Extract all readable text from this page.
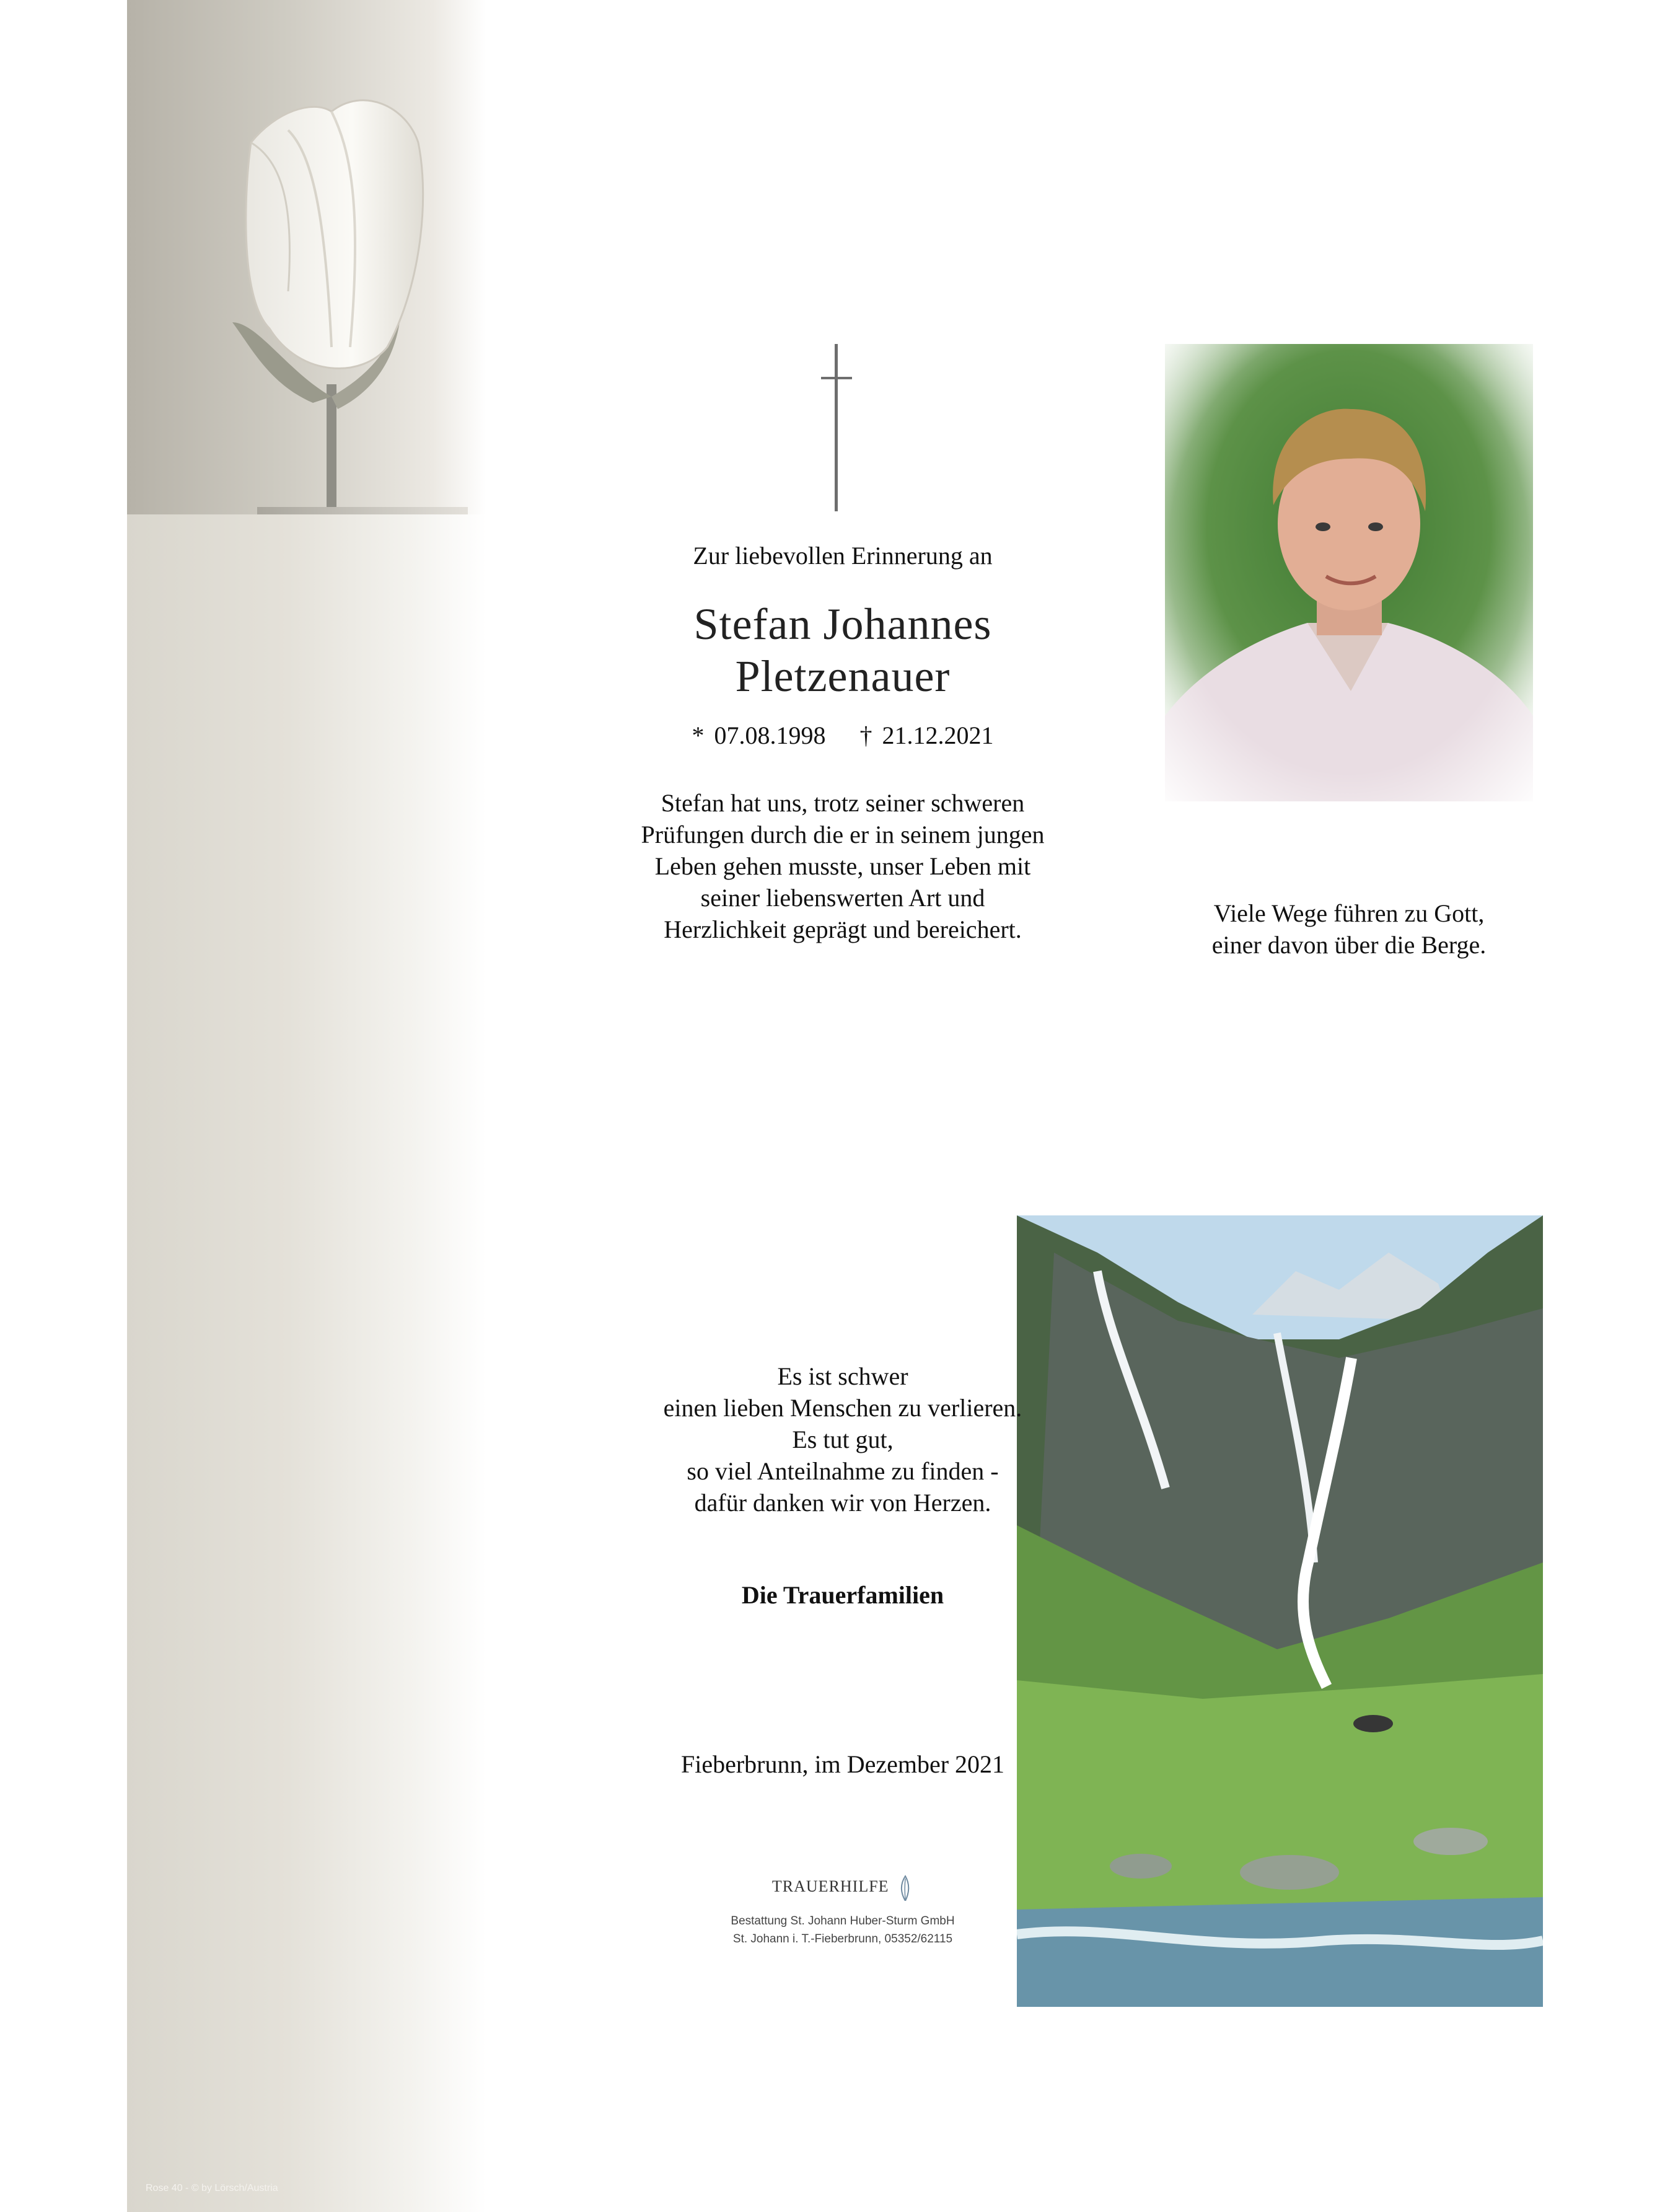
Rose 40 - © by Lörsch/Austria
Zur liebevollen Erinnerung an
Stefan Johannes
Pletzenauer
* 07.08.1998 † 21.12.2021
Stefan hat uns, trotz seiner schweren
Prüfungen durch die er in seinem jungen
Leben gehen musste, unser Leben mit
seiner liebenswerten Art und
Herzlichkeit geprägt und bereichert.
Viele Wege führen zu Gott,
einer davon über die Berge.
Es ist schwer
einen lieben Menschen zu verlieren.
Es tut gut,
so viel Anteilnahme zu finden -
dafür danken wir von Herzen.
Die Trauerfamilien
Fieberbrunn, im Dezember 2021
TRAUERHILFE
Bestattung St. Johann Huber-Sturm GmbH
St. Johann i. T.-Fieberbrunn, 05352/62115
